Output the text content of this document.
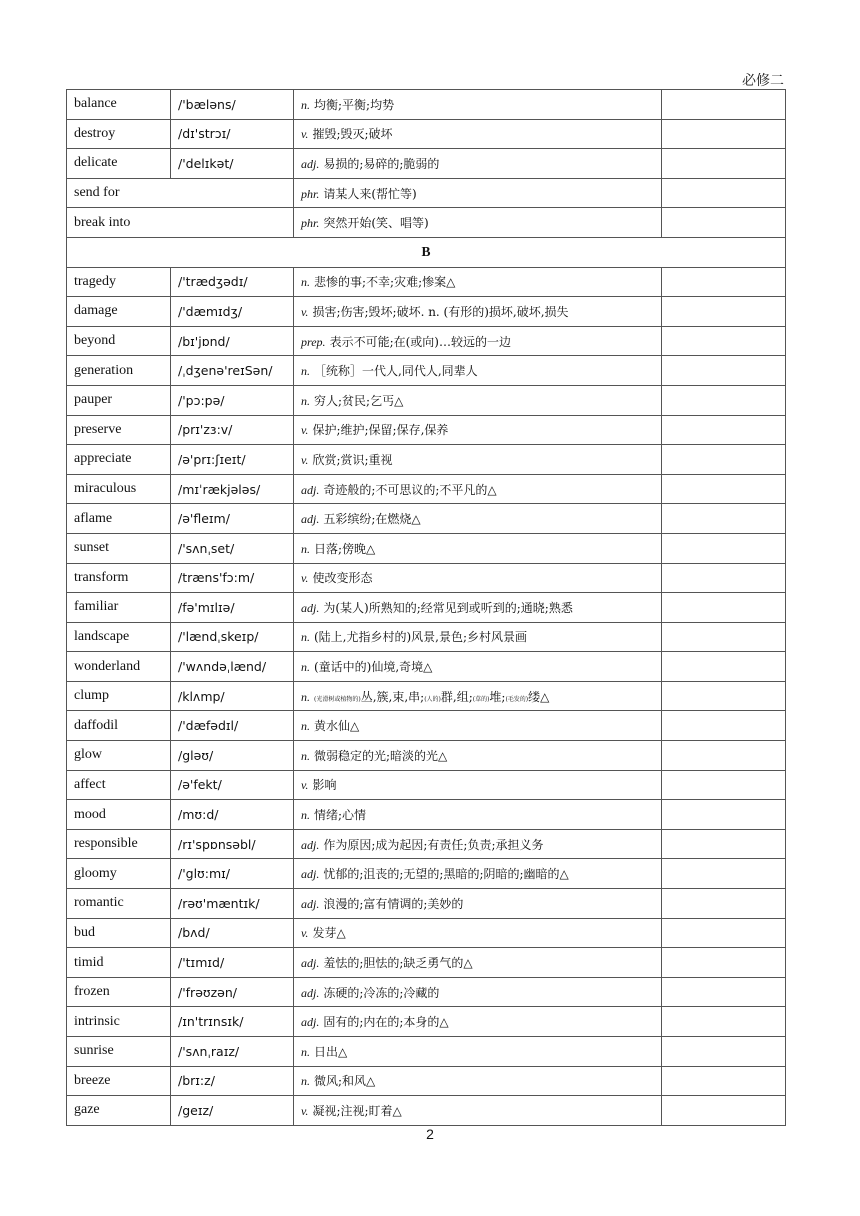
必修二
balance	/'bæləns/	n. 均衡;平衡;均势	
destroy	/dɪ'strɔɪ/	v. 摧毁;毁灭;破坏	
delicate	/'delɪkət/	adj. 易损的;易碎的;脆弱的	
send for		phr. 请某人来(帮忙等)	
break into		phr. 突然开始(笑、唱等)	
B			
tragedy	/'trædʒədɪ/	n. 悲惨的事;不幸;灾难;惨案△	
damage	/'dæmɪdʒ/	v. 损害;伤害;毁坏;破坏. n. (有形的)损坏,破坏,损失	
beyond	/bɪ'jɒnd/	prep. 表示不可能;在(或向)…较远的一边	
generation	/ˌdʒenə'reɪSən/	n. ［统称］一代人,同代人,同辈人	
pauper	/'pɔ:pə/	n. 穷人;贫民;乞丐△	
preserve	/prɪ'zɜ:v/	v. 保护;维护;保留;保存,保养	
appreciate	/ə'prɪ:ʃɪeɪt/	v. 欣赏;赏识;重视	
miraculous	/mɪˈrækjələs/	adj. 奇迹般的;不可思议的;不平凡的△	
aflame	/ə'fleɪm/	adj. 五彩缤纷;在燃烧△	
sunset	/'sʌnˌset/	n. 日落;傍晚△	
transform	/træns'fɔ:m/	v. 使改变形态	
familiar	/fə'mɪlɪə/	adj. 为(某人)所熟知的;经常见到或听到的;通晓;熟悉	
landscape	/'lændˌskeɪp/	n. (陆上,尤指乡村的)风景,景色;乡村风景画	
wonderland	/'wʌndəˌlænd/	n. (童话中的)仙境,奇境△	
clump	/klʌmp/	n. (光滑树或植物的)丛,簇,束,串;(人的)群,组;(草的)堆;(毛发的)缕△	
daffodil	/'dæfədɪl/	n. 黄水仙△	
glow	/gləʊ/	n. 微弱稳定的光;暗淡的光△	
affect	/ə'fekt/	v. 影响	
mood	/mʊ:d/	n. 情绪;心情	
responsible	/rɪ'spɒnsəbl/	adj. 作为原因;成为起因;有责任;负责;承担义务	
gloomy	/'glʊ:mɪ/	adj. 忧郁的;沮丧的;无望的;黑暗的;阴暗的;幽暗的△	
romantic	/rəʊ'mæntɪk/	adj. 浪漫的;富有情调的;美妙的	
bud	/bʌd/	v. 发芽△	
timid	/'tɪmɪd/	adj. 羞怯的;胆怯的;缺乏勇气的△	
frozen	/'frəʊzən/	adj. 冻硬的;冷冻的;冷藏的	
intrinsic	/ɪn'trɪnsɪk/	adj. 固有的;内在的;本身的△	
sunrise	/'sʌnˌraɪz/	n. 日出△	
breeze	/brɪ:z/	n. 微风;和风△	
gaze	/geɪz/	v. 凝视;注视;盯着△	
2
